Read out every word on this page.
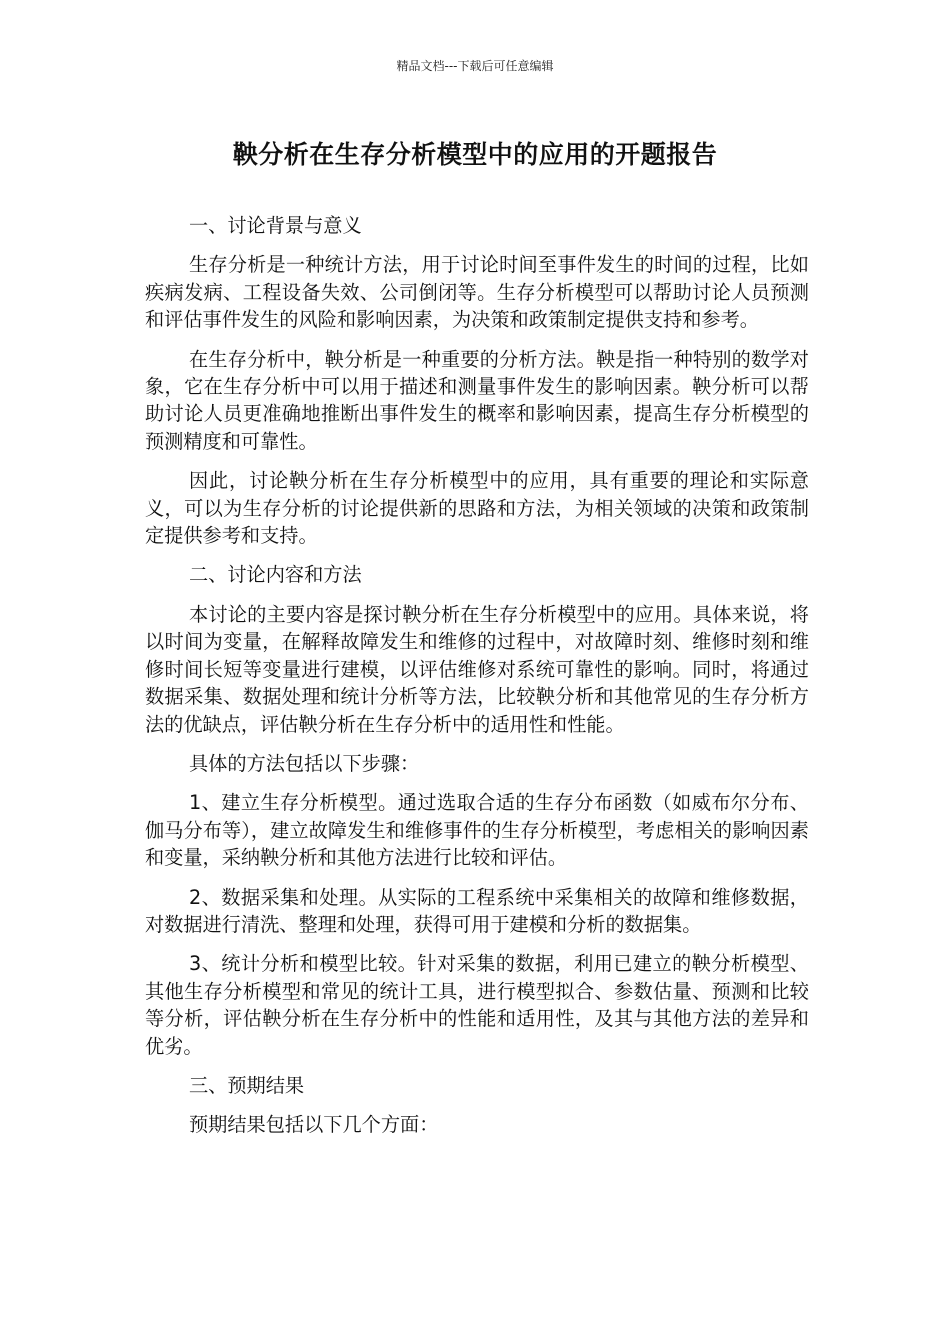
精品文档---下载后可任意编辑
鞅分析在生存分析模型中的应用的开题报告

一、讨论背景与意义

生存分析是一种统计方法，用于讨论时间至事件发生的时间的过程，比如疾病发病、工程设备失效、公司倒闭等。生存分析模型可以帮助讨论人员预测和评估事件发生的风险和影响因素，为决策和政策制定提供支持和参考。

在生存分析中，鞅分析是一种重要的分析方法。鞅是指一种特别的数学对象，它在生存分析中可以用于描述和测量事件发生的影响因素。鞅分析可以帮助讨论人员更准确地推断出事件发生的概率和影响因素，提高生存分析模型的预测精度和可靠性。

因此，讨论鞅分析在生存分析模型中的应用，具有重要的理论和实际意义，可以为生存分析的讨论提供新的思路和方法，为相关领域的决策和政策制定提供参考和支持。

二、讨论内容和方法

本讨论的主要内容是探讨鞅分析在生存分析模型中的应用。具体来说，将以时间为变量，在解释故障发生和维修的过程中，对故障时刻、维修时刻和维修时间长短等变量进行建模，以评估维修对系统可靠性的影响。同时，将通过数据采集、数据处理和统计分析等方法，比较鞅分析和其他常见的生存分析方法的优缺点，评估鞅分析在生存分析中的适用性和性能。

具体的方法包括以下步骤：

1、建立生存分析模型。通过选取合适的生存分布函数（如威布尔分布、伽马分布等），建立故障发生和维修事件的生存分析模型，考虑相关的影响因素和变量，采纳鞅分析和其他方法进行比较和评估。

2、数据采集和处理。从实际的工程系统中采集相关的故障和维修数据，对数据进行清洗、整理和处理，获得可用于建模和分析的数据集。

3、统计分析和模型比较。针对采集的数据，利用已建立的鞅分析模型、其他生存分析模型和常见的统计工具，进行模型拟合、参数估量、预测和比较等分析，评估鞅分析在生存分析中的性能和适用性，及其与其他方法的差异和优劣。

三、预期结果

预期结果包括以下几个方面：
